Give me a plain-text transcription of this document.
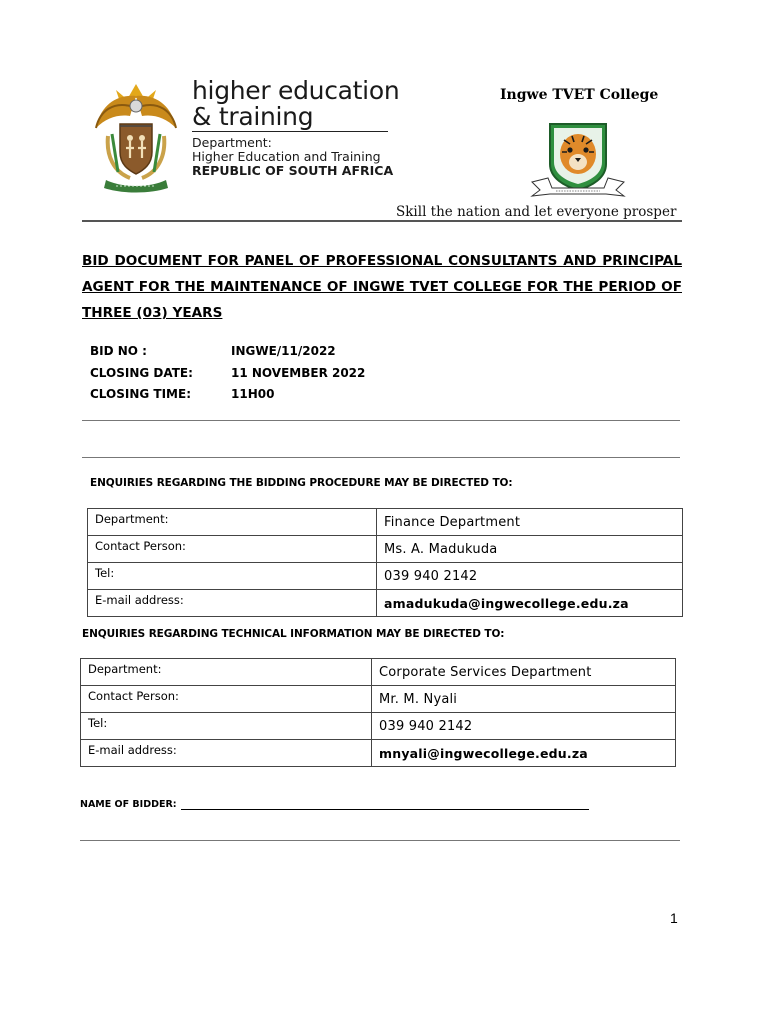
higher education
& training
Department:
Higher Education and Training
REPUBLIC OF SOUTH AFRICA
Ingwe TVET College
Skill the nation and let everyone prosper
BID DOCUMENT FOR PANEL OF PROFESSIONAL CONSULTANTS AND PRINCIPAL AGENT FOR THE MAINTENANCE OF INGWE TVET COLLEGE FOR THE PERIOD OF THREE (03) YEARS
BID NO :	INGWE/11/2022
CLOSING DATE:	11 NOVEMBER 2022
CLOSING TIME:	11H00
ENQUIRIES REGARDING THE BIDDING PROCEDURE MAY BE DIRECTED TO:
Department:	Finance Department
Contact Person:	Ms. A. Madukuda
Tel:	039 940 2142
E-mail address:	amadukuda@ingwecollege.edu.za
ENQUIRIES REGARDING TECHNICAL INFORMATION MAY BE DIRECTED TO:
Department:	Corporate Services Department
Contact Person:	Mr. M. Nyali
Tel:	039 940 2142
E-mail address:	mnyali@ingwecollege.edu.za
NAME OF BIDDER:
1
